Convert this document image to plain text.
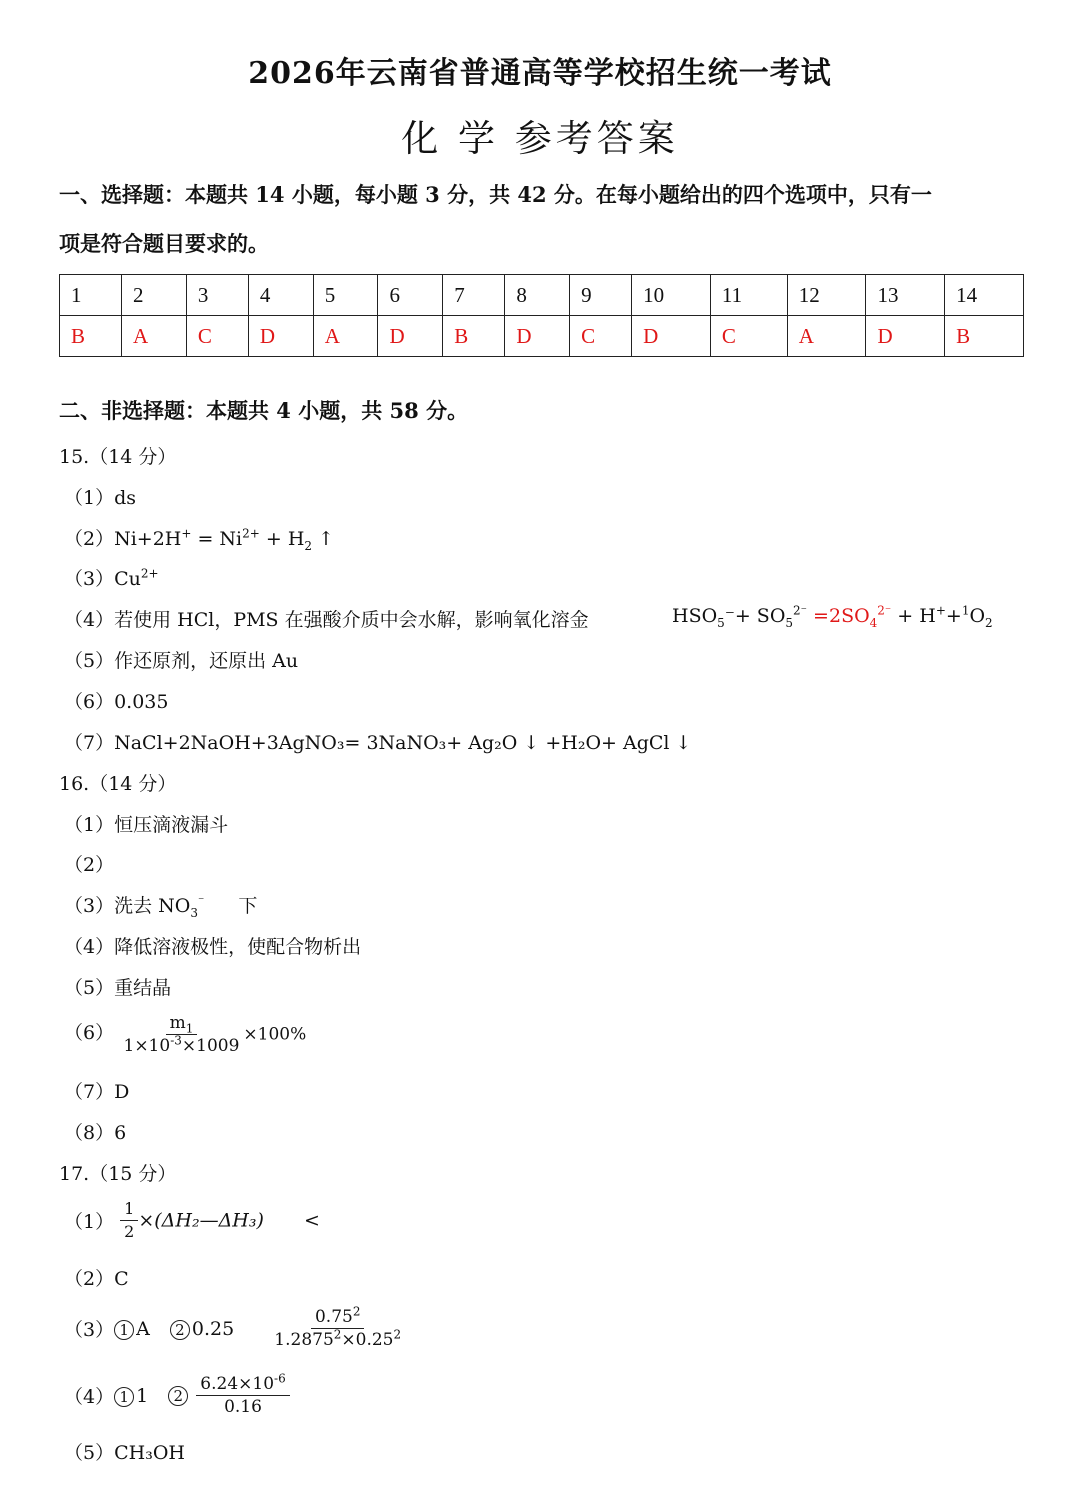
2026年云南省普通高等学校招生统一考试
化 学 参考答案
一、选择题：本题共 14 小题，每小题 3 分，共 42 分。在每小题给出的四个选项中，只有一
项是符合题目要求的。
1	2	3	4	5	6	7	8	9	10	11	12	13	14
B	A	C	D	A	D	B	D	C	D	C	A	D	B
二、非选择题：本题共 4 小题，共 58 分。
15.（14 分）
（1）ds
$(2)Ni+2H^+ = Ni^{2+} + H_2$ ↑
$(3)Cu^{2+}$
（4）若使用 HCl，PMS 在强酸介质中会水解，影响氧化溶金	$HSO_5^-+ SO_5^{2^-} =2SO_4^{2^-} + H^++^1O_2$
（5）作还原剂，还原出 Au
（6）0.035
（7）NaCl+2NaOH+3AgNO₃= 3NaNO₃+ Ag₂O ↓ +H₂O+ AgCl ↓
16.（14 分）
（1）恒压滴液漏斗
（2）
（3）洗去 $NO_3^{^-}$ 下
（4）降低溶液极性，使配合物析出
（5）重结晶
$(6) \frac{m_1}{1\times 10^{-3}\times 1009} \times 100\%$
（7）D
（8）6
17.（15 分）
$(1) \frac{1}{2}$ ×(ΔH₂—ΔH₃) <
（2）C
（3） 1 A 2 $0.25 \frac{0.75^2}{1.2875^2\times 0.25^2}$
（4） 1 1 $2 \frac{6.24\times 10^{-6}}{0.16}$
（5）CH₃OH
